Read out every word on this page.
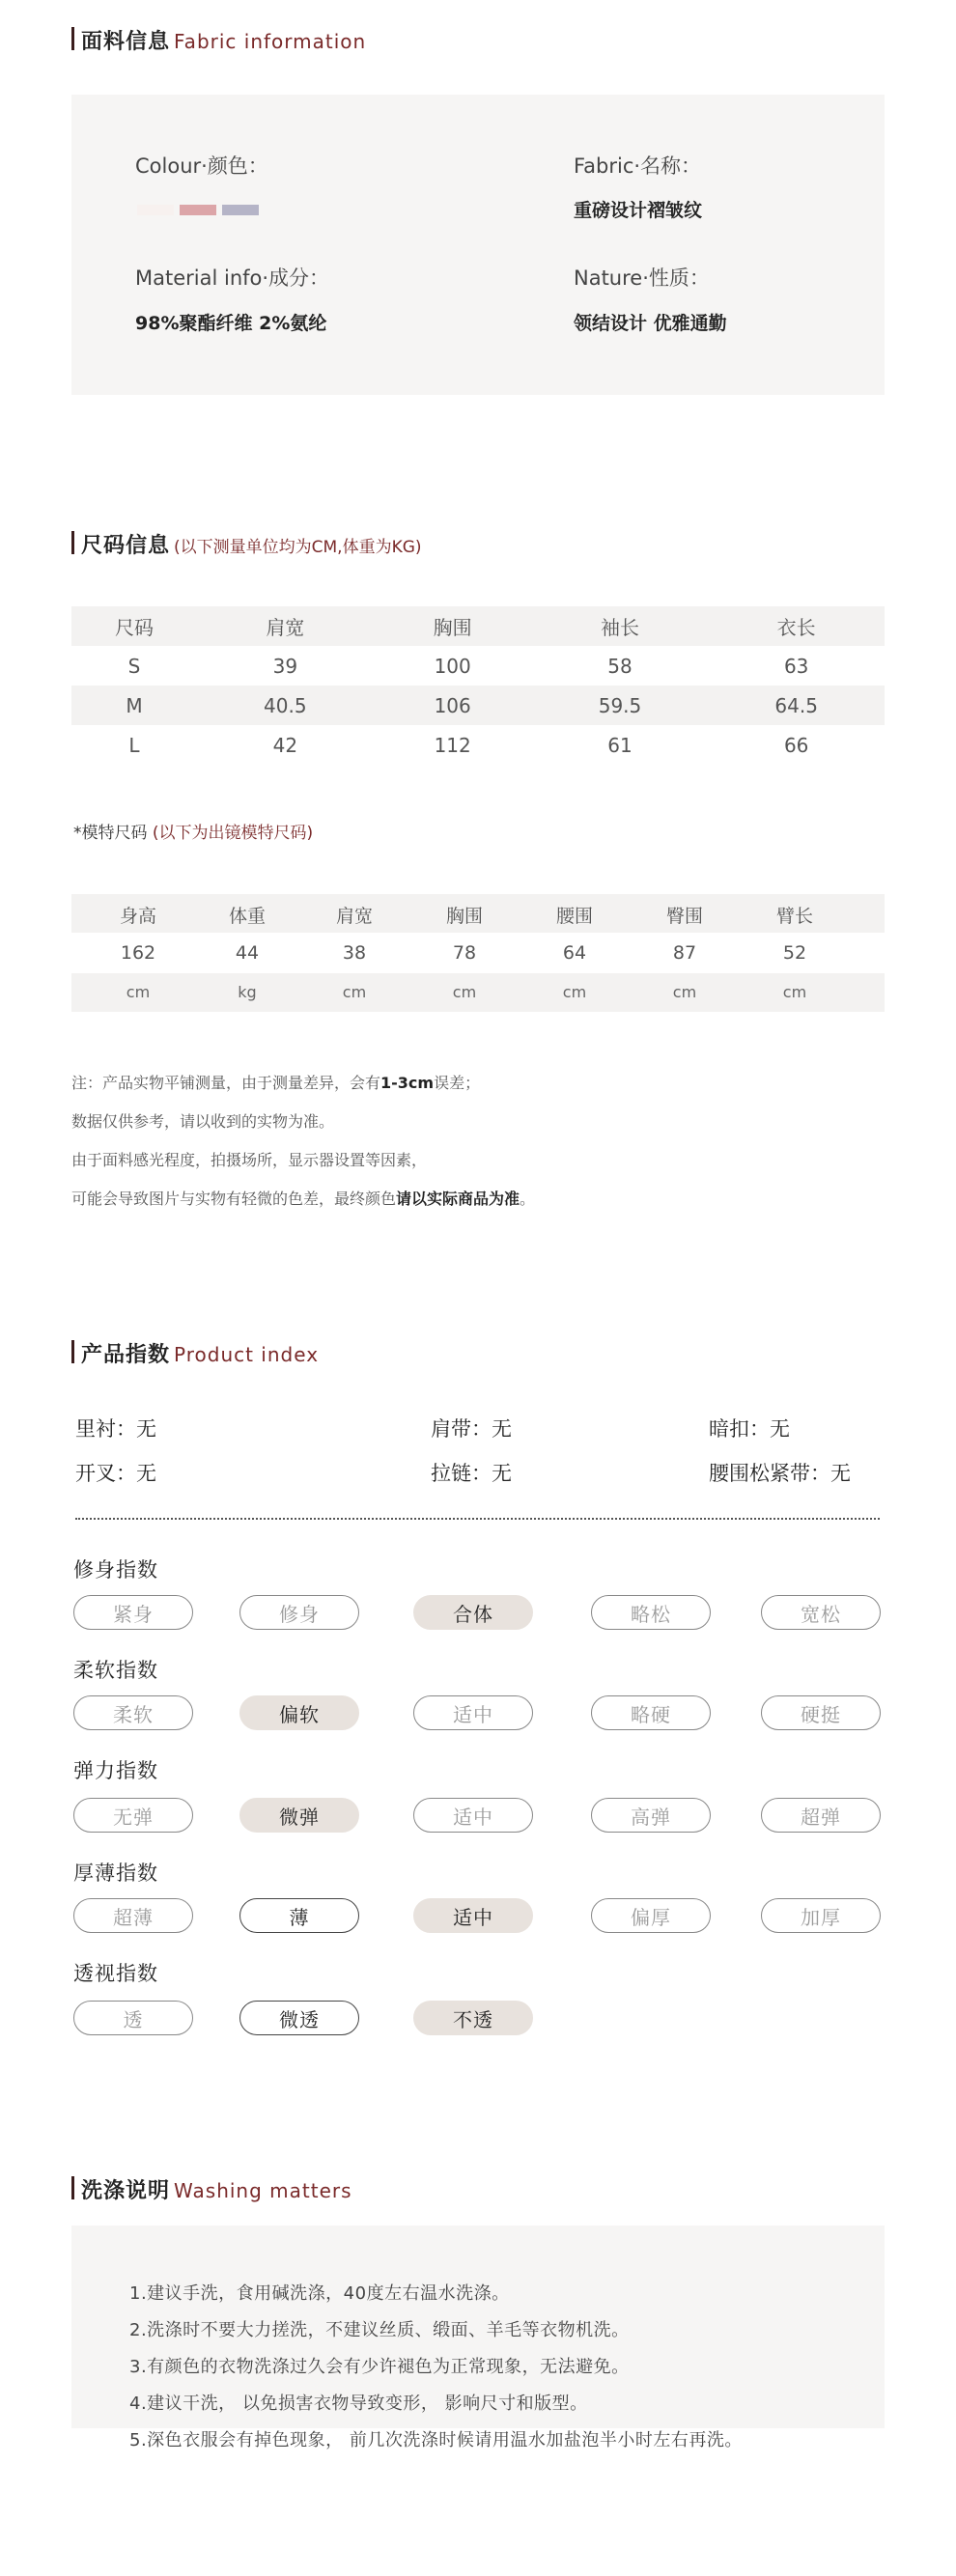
面料信息 Fabric information
Colour·颜色：	Fabric·名称：
重磅设计褶皱纹
Material info·成分：
98%聚酯纤维 2%氨纶
Nature·性质：
领结设计 优雅通勤
尺码信息 (以下测量单位均为CM,体重为KG)
尺码	肩宽	胸围	袖长	衣长
S	39	100	58	63
M	40.5	106	59.5	64.5
L	42	112	61	66
*模特尺码 (以下为出镜模特尺码)
身高	体重	肩宽	胸围	腰围	臀围	臂长
162	44	38	78	64	87	52
cm	kg	cm	cm	cm	cm	cm
注：产品实物平铺测量，由于测量差异，会有1-3cm误差；
数据仅供参考，请以收到的实物为准。
由于面料感光程度，拍摄场所，显示器设置等因素，
可能会导致图片与实物有轻微的色差，最终颜色请以实际商品为准。
产品指数 Product index
里衬：无	肩带：无	暗扣：无
开叉：无	拉链：无	腰围松紧带：无
修身指数
紧身	修身	合体	略松	宽松
柔软指数
柔软	偏软	适中	略硬	硬挺
弹力指数
无弹	微弹	适中	高弹	超弹
厚薄指数
超薄	薄	适中	偏厚	加厚
透视指数
透	微透	不透
洗涤说明 Washing matters
1.建议手洗，食用碱洗涤，40度左右温水洗涤。
2.洗涤时不要大力搓洗，不建议丝质、缎面、羊毛等衣物机洗。
3.有颜色的衣物洗涤过久会有少许褪色为正常现象，无法避免。
4.建议干洗， 以免损害衣物导致变形， 影响尺寸和版型。
5.深色衣服会有掉色现象， 前几次洗涤时候请用温水加盐泡半小时左右再洗。
